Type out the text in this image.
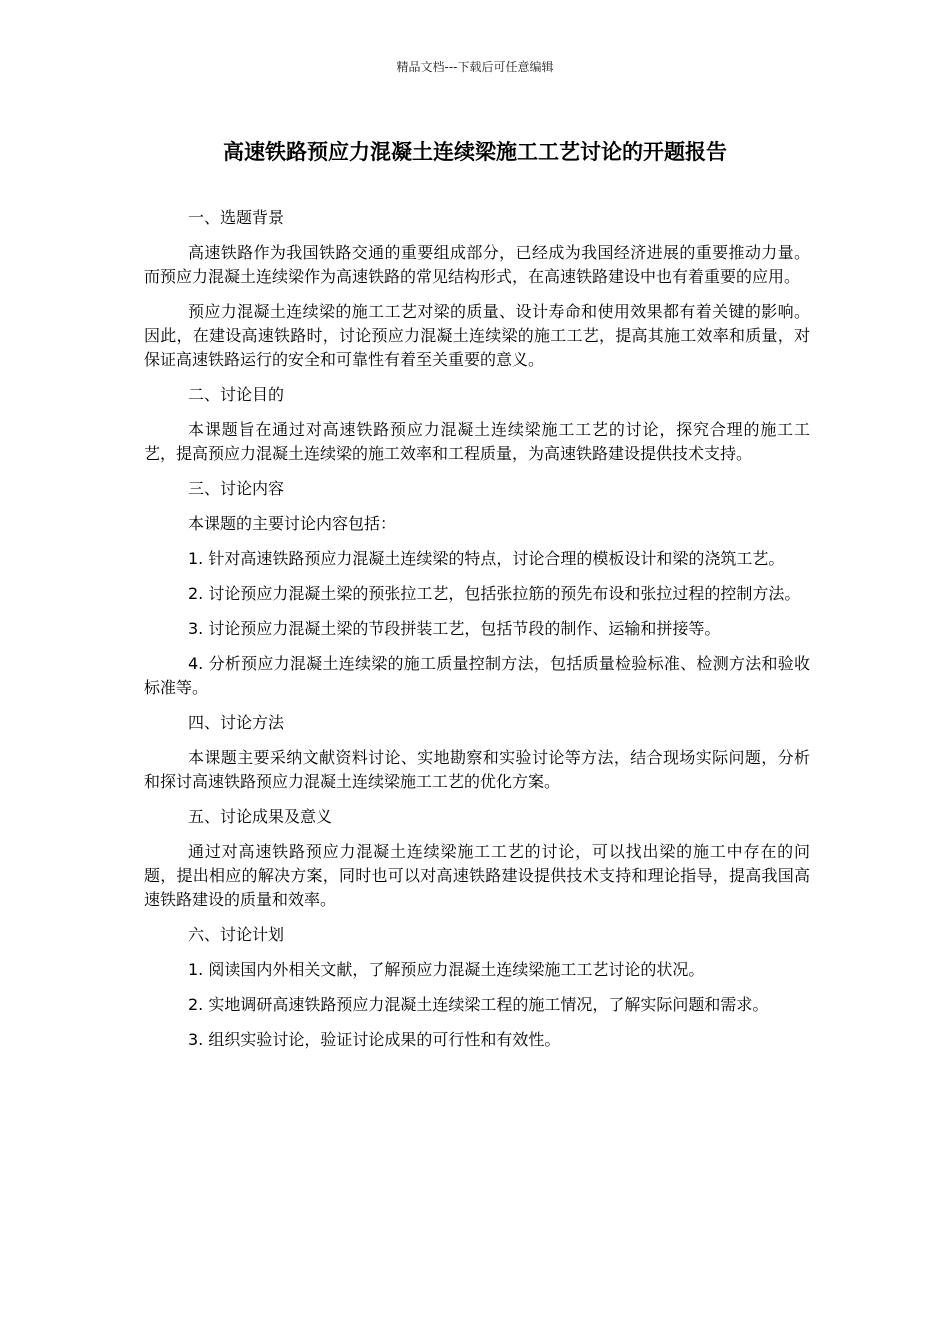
精品文档---下载后可任意编辑
高速铁路预应力混凝土连续梁施工工艺讨论的开题报告

一、选题背景

高速铁路作为我国铁路交通的重要组成部分，已经成为我国经济进展的重要推动力量。而预应力混凝土连续梁作为高速铁路的常见结构形式，在高速铁路建设中也有着重要的应用。

预应力混凝土连续梁的施工工艺对梁的质量、设计寿命和使用效果都有着关键的影响。因此，在建设高速铁路时，讨论预应力混凝土连续梁的施工工艺，提高其施工效率和质量，对保证高速铁路运行的安全和可靠性有着至关重要的意义。

二、讨论目的

本课题旨在通过对高速铁路预应力混凝土连续梁施工工艺的讨论，探究合理的施工工艺，提高预应力混凝土连续梁的施工效率和工程质量，为高速铁路建设提供技术支持。

三、讨论内容

本课题的主要讨论内容包括：

1. 针对高速铁路预应力混凝土连续梁的特点，讨论合理的模板设计和梁的浇筑工艺。

2. 讨论预应力混凝土梁的预张拉工艺，包括张拉筋的预先布设和张拉过程的控制方法。

3. 讨论预应力混凝土梁的节段拼装工艺，包括节段的制作、运输和拼接等。

4. 分析预应力混凝土连续梁的施工质量控制方法，包括质量检验标准、检测方法和验收标准等。

四、讨论方法

本课题主要采纳文献资料讨论、实地勘察和实验讨论等方法，结合现场实际问题，分析和探讨高速铁路预应力混凝土连续梁施工工艺的优化方案。

五、讨论成果及意义

通过对高速铁路预应力混凝土连续梁施工工艺的讨论，可以找出梁的施工中存在的问题，提出相应的解决方案，同时也可以对高速铁路建设提供技术支持和理论指导，提高我国高速铁路建设的质量和效率。

六、讨论计划

1. 阅读国内外相关文献，了解预应力混凝土连续梁施工工艺讨论的状况。

2. 实地调研高速铁路预应力混凝土连续梁工程的施工情况，了解实际问题和需求。

3. 组织实验讨论，验证讨论成果的可行性和有效性。
